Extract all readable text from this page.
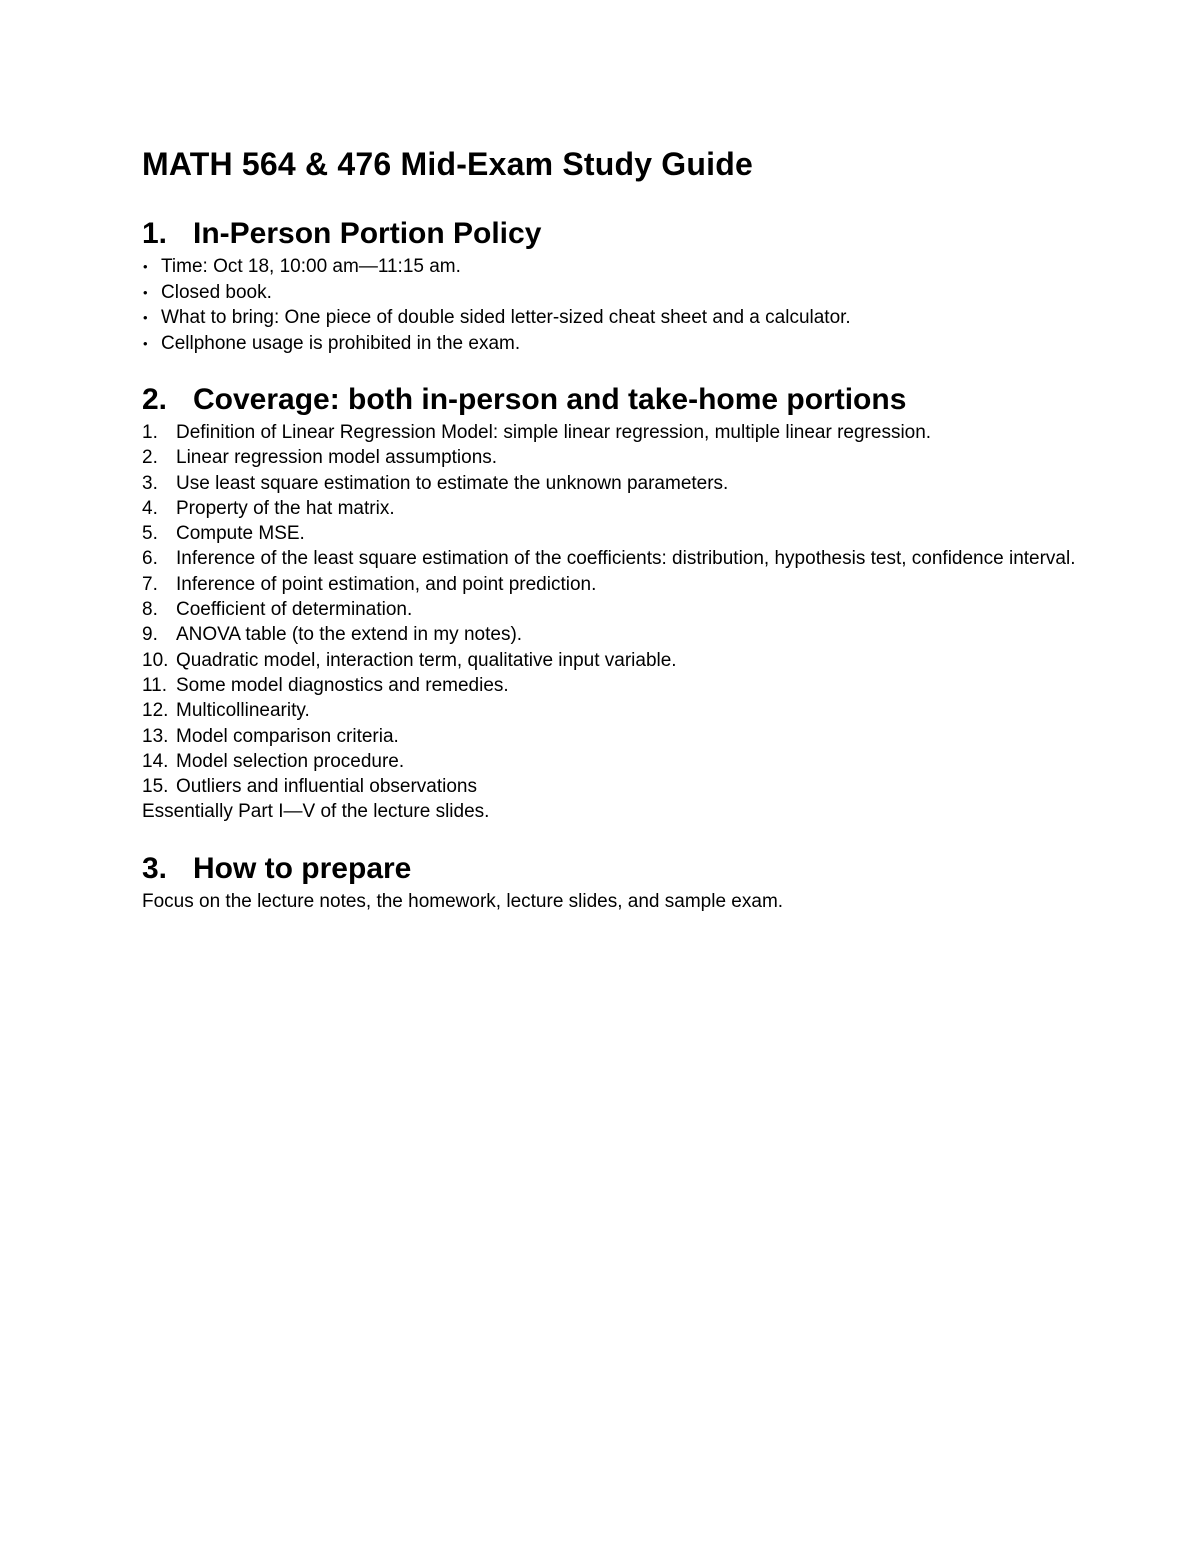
MATH 564 & 476 Mid-Exam Study Guide
1. In-Person Portion Policy
• Time: Oct 18, 10:00 am—11:15 am.
• Closed book.
• What to bring: One piece of double sided letter-sized cheat sheet and a calculator.
• Cellphone usage is prohibited in the exam.
2. Coverage: both in-person and take-home portions
1. Definition of Linear Regression Model: simple linear regression, multiple linear regression.
2. Linear regression model assumptions.
3. Use least square estimation to estimate the unknown parameters.
4. Property of the hat matrix.
5. Compute MSE.
6. Inference of the least square estimation of the coefficients: distribution, hypothesis test, confidence interval.
7. Inference of point estimation, and point prediction.
8. Coefficient of determination.
9. ANOVA table (to the extend in my notes).
10. Quadratic model, interaction term, qualitative input variable.
11. Some model diagnostics and remedies.
12. Multicollinearity.
13. Model comparison criteria.
14. Model selection procedure.
15. Outliers and influential observations

Essentially Part I—V of the lecture slides.

3. How to prepare

Focus on the lecture notes, the homework, lecture slides, and sample exam.
